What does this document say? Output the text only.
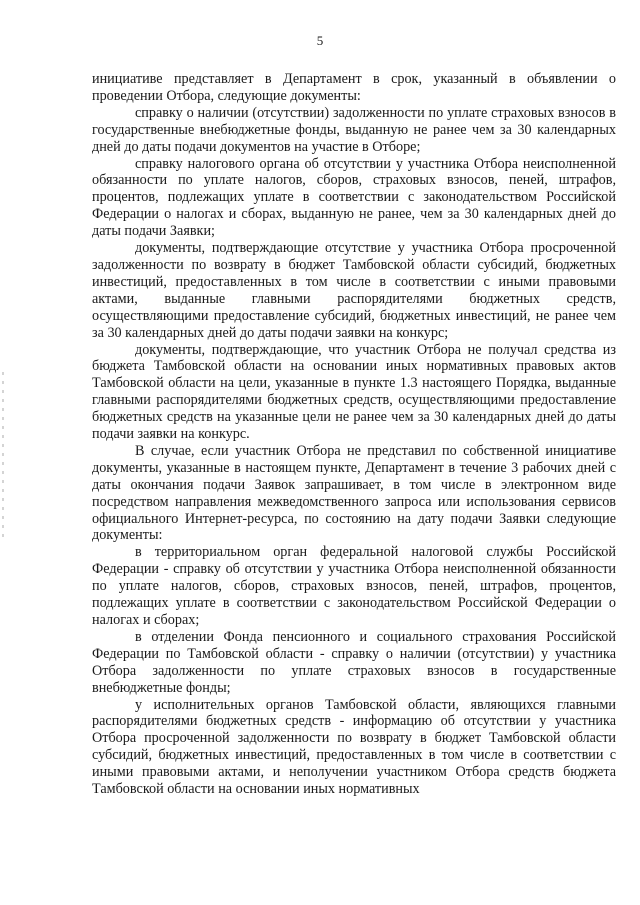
5

инициативе представляет в Департамент в срок, указанный в объявлении о проведении Отбора, следующие документы:

справку о наличии (отсутствии) задолженности по уплате страховых взносов в государственные внебюджетные фонды, выданную не ранее чем за 30 календарных дней до даты подачи документов на участие в Отборе;

справку налогового органа об отсутствии у участника Отбора неисполненной обязанности по уплате налогов, сборов, страховых взносов, пеней, штрафов, процентов, подлежащих уплате в соответствии с законодательством Российской Федерации о налогах и сборах, выданную не ранее, чем за 30 календарных дней до даты подачи Заявки;

документы, подтверждающие отсутствие у участника Отбора просроченной задолженности по возврату в бюджет Тамбовской области субсидий, бюджетных инвестиций, предоставленных в том числе в соответствии с иными правовыми актами, выданные главными распорядителями бюджетных средств, осуществляющими предоставление субсидий, бюджетных инвестиций, не ранее чем за 30 календарных дней до даты подачи заявки на конкурс;

документы, подтверждающие, что участник Отбора не получал средства из бюджета Тамбовской области на основании иных нормативных правовых актов Тамбовской области на цели, указанные в пункте 1.3 настоящего Порядка, выданные главными распорядителями бюджетных средств, осуществляющими предоставление бюджетных средств на указанные цели не ранее чем за 30 календарных дней до даты подачи заявки на конкурс.

В случае, если участник Отбора не представил по собственной инициативе документы, указанные в настоящем пункте, Департамент в течение 3 рабочих дней с даты окончания подачи Заявок запрашивает, в том числе в электронном виде посредством направления межведомственного запроса или использования сервисов официального Интернет-ресурса, по состоянию на дату подачи Заявки следующие документы:

в территориальном орган федеральной налоговой службы Российской Федерации - справку об отсутствии у участника Отбора неисполненной обязанности по уплате налогов, сборов, страховых взносов, пеней, штрафов, процентов, подлежащих уплате в соответствии с законодательством Российской Федерации о налогах и сборах;

в отделении Фонда пенсионного и социального страхования Российской Федерации по Тамбовской области - справку о наличии (отсутствии) у участника Отбора задолженности по уплате страховых взносов в государственные внебюджетные фонды;

у исполнительных органов Тамбовской области, являющихся главными распорядителями бюджетных средств - информацию об отсутствии у участника Отбора просроченной задолженности по возврату в бюджет Тамбовской области субсидий, бюджетных инвестиций, предоставленных в том числе в соответствии с иными правовыми актами, и неполучении участником Отбора средств бюджета Тамбовской области на основании иных нормативных
